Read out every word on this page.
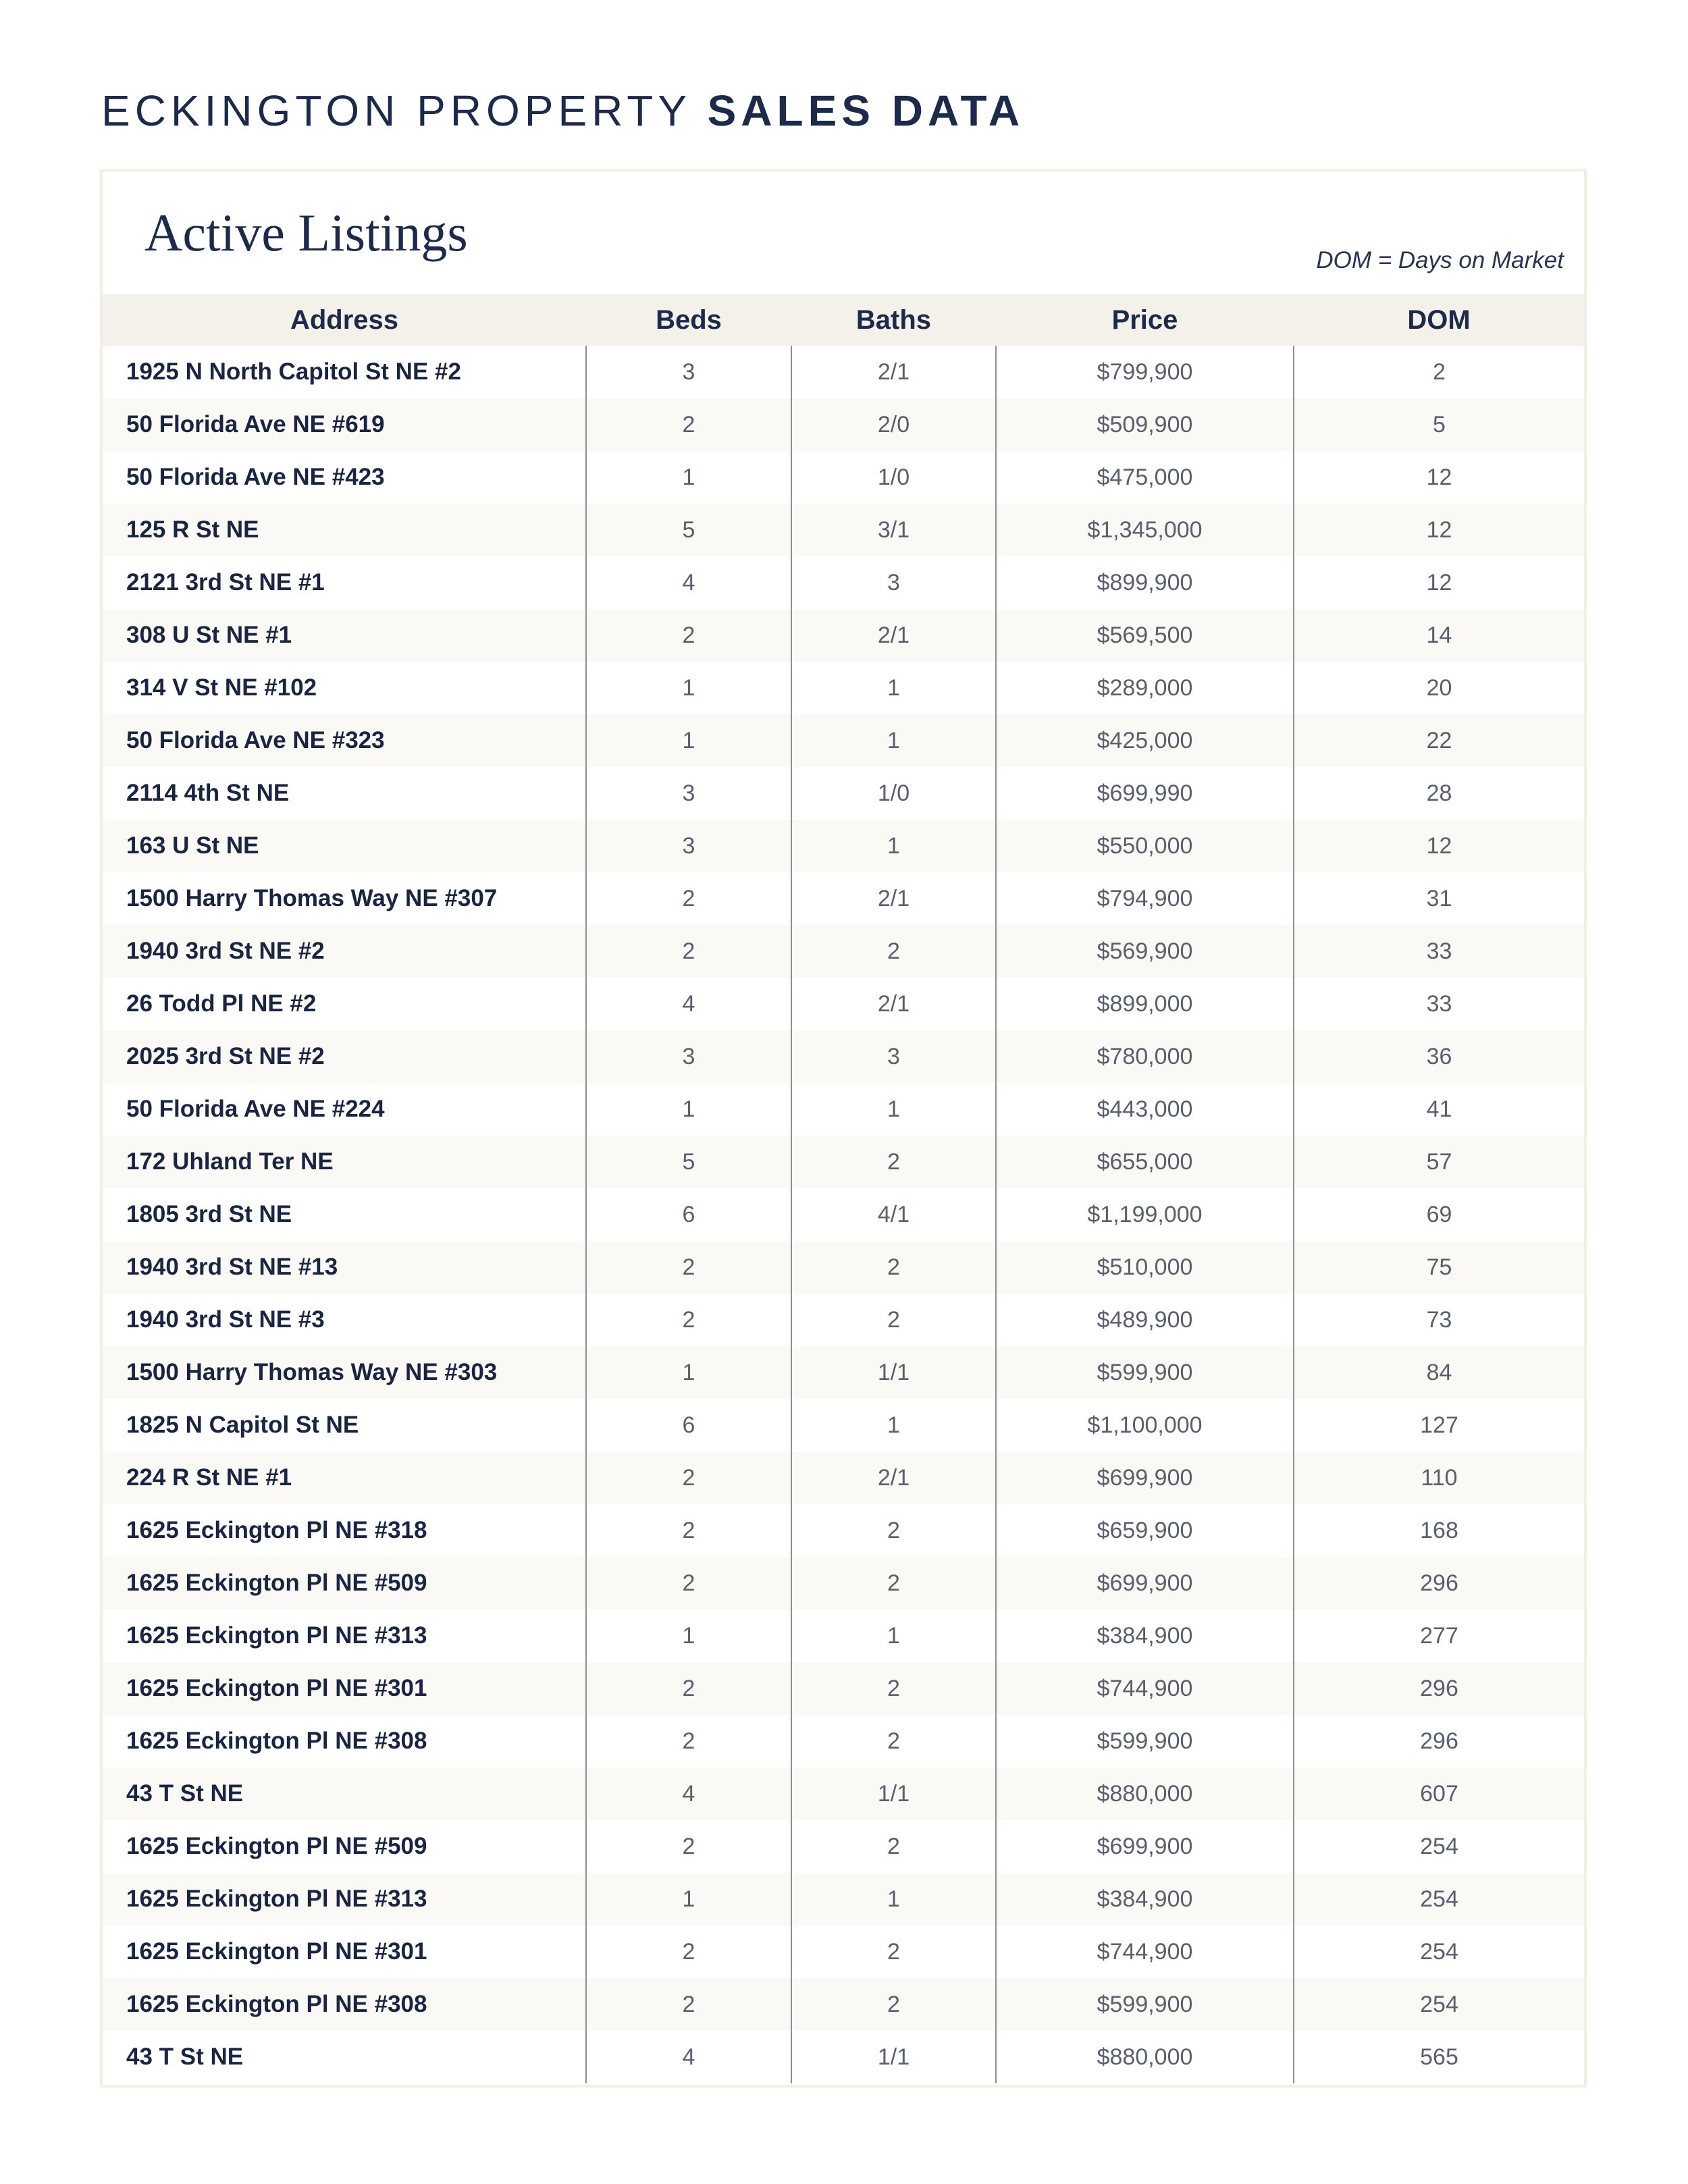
ECKINGTON PROPERTY SALES DATA
Active Listings	DOM = Days on Market
Address	Beds	Baths	Price	DOM
1925 N North Capitol St NE #2	3	2/1	$799,900	2
50 Florida Ave NE #619	2	2/0	$509,900	5
50 Florida Ave NE #423	1	1/0	$475,000	12
125 R St NE	5	3/1	$1,345,000	12
2121 3rd St NE #1	4	3	$899,900	12
308 U St NE #1	2	2/1	$569,500	14
314 V St NE #102	1	1	$289,000	20
50 Florida Ave NE #323	1	1	$425,000	22
2114 4th St NE	3	1/0	$699,990	28
163 U St NE	3	1	$550,000	12
1500 Harry Thomas Way NE #307	2	2/1	$794,900	31
1940 3rd St NE #2	2	2	$569,900	33
26 Todd Pl NE #2	4	2/1	$899,000	33
2025 3rd St NE #2	3	3	$780,000	36
50 Florida Ave NE #224	1	1	$443,000	41
172 Uhland Ter NE	5	2	$655,000	57
1805 3rd St NE	6	4/1	$1,199,000	69
1940 3rd St NE #13	2	2	$510,000	75
1940 3rd St NE #3	2	2	$489,900	73
1500 Harry Thomas Way NE #303	1	1/1	$599,900	84
1825 N Capitol St NE	6	1	$1,100,000	127
224 R St NE #1	2	2/1	$699,900	110
1625 Eckington Pl NE #318	2	2	$659,900	168
1625 Eckington Pl NE #509	2	2	$699,900	296
1625 Eckington Pl NE #313	1	1	$384,900	277
1625 Eckington Pl NE #301	2	2	$744,900	296
1625 Eckington Pl NE #308	2	2	$599,900	296
43 T St NE	4	1/1	$880,000	607
1625 Eckington Pl NE #509	2	2	$699,900	254
1625 Eckington Pl NE #313	1	1	$384,900	254
1625 Eckington Pl NE #301	2	2	$744,900	254
1625 Eckington Pl NE #308	2	2	$599,900	254
43 T St NE	4	1/1	$880,000	565
